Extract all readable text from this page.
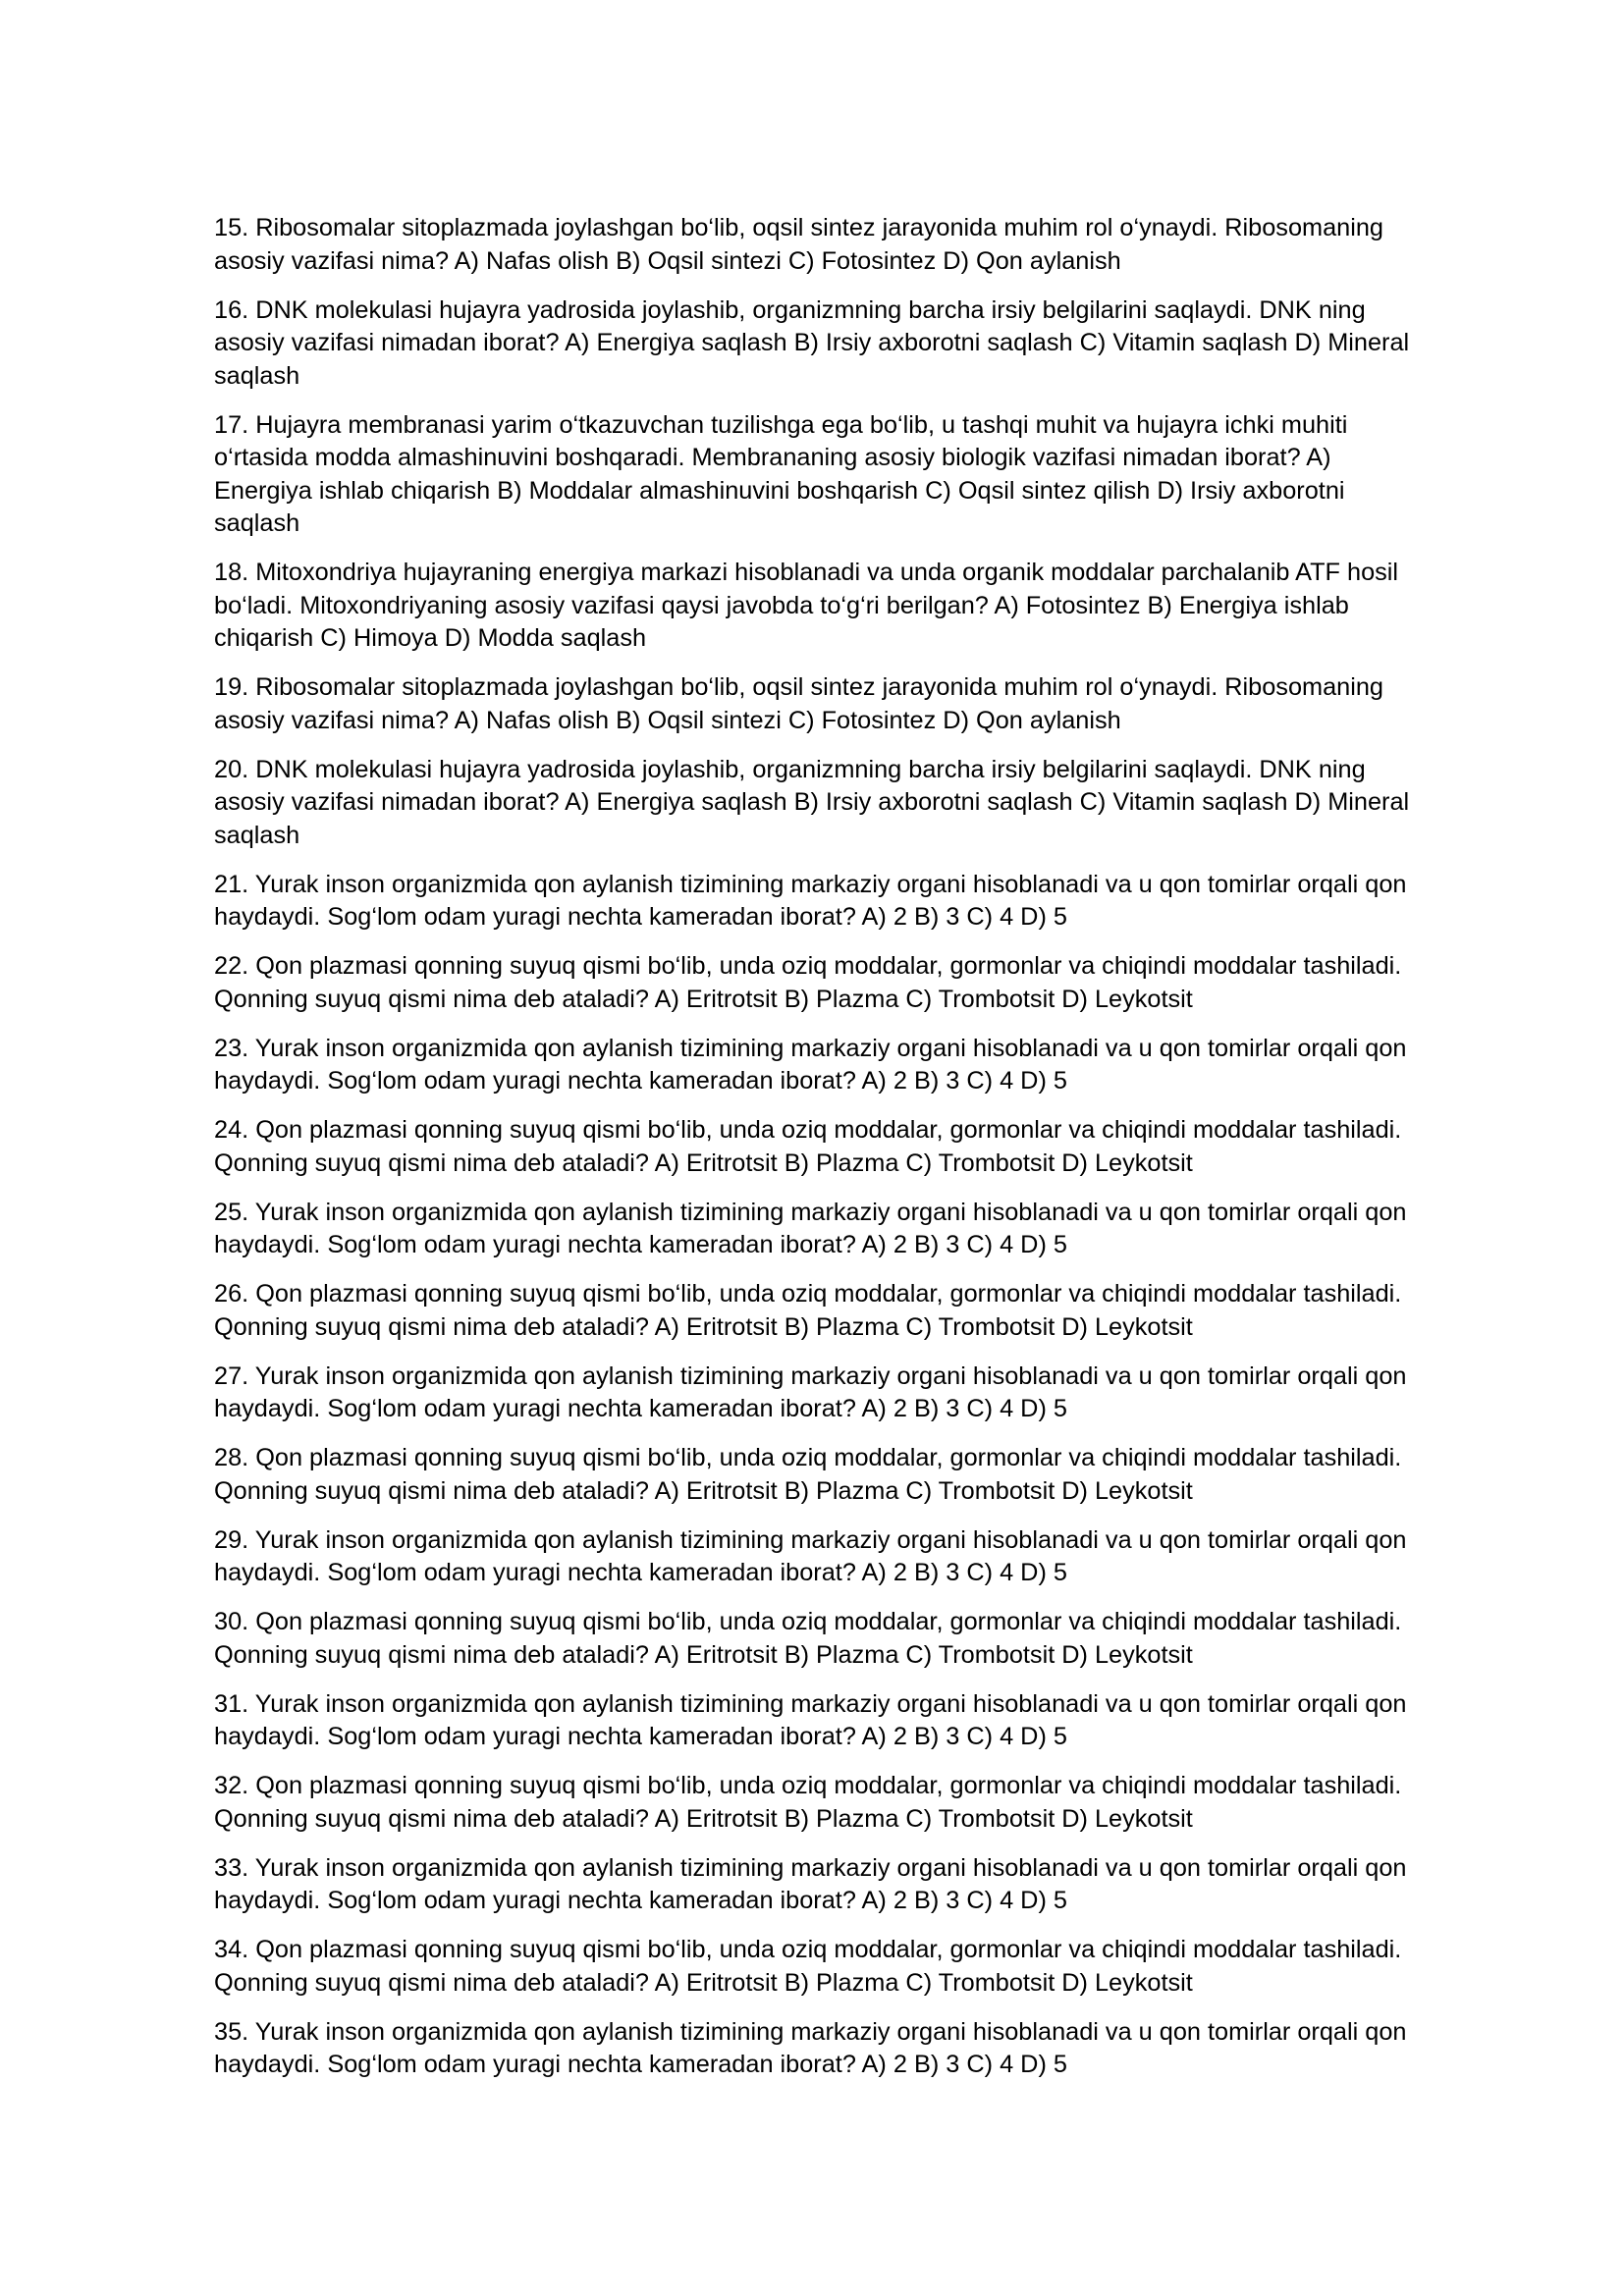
15. Ribosomalar sitoplazmada joylashgan bo‘lib, oqsil sintez jarayonida muhim rol o‘ynaydi. Ribosomaning asosiy vazifasi nima? A) Nafas olish B) Oqsil sintezi C) Fotosintez D) Qon aylanish

16. DNK molekulasi hujayra yadrosida joylashib, organizmning barcha irsiy belgilarini saqlaydi. DNK ning asosiy vazifasi nimadan iborat? A) Energiya saqlash B) Irsiy axborotni saqlash C) Vitamin saqlash D) Mineral saqlash

17. Hujayra membranasi yarim o‘tkazuvchan tuzilishga ega bo‘lib, u tashqi muhit va hujayra ichki muhiti o‘rtasida modda almashinuvini boshqaradi. Membrananing asosiy biologik vazifasi nimadan iborat? A) Energiya ishlab chiqarish B) Moddalar almashinuvini boshqarish C) Oqsil sintez qilish D) Irsiy axborotni saqlash

18. Mitoxondriya hujayraning energiya markazi hisoblanadi va unda organik moddalar parchalanib ATF hosil bo‘ladi. Mitoxondriyaning asosiy vazifasi qaysi javobda to‘g‘ri berilgan? A) Fotosintez B) Energiya ishlab chiqarish C) Himoya D) Modda saqlash

19. Ribosomalar sitoplazmada joylashgan bo‘lib, oqsil sintez jarayonida muhim rol o‘ynaydi. Ribosomaning asosiy vazifasi nima? A) Nafas olish B) Oqsil sintezi C) Fotosintez D) Qon aylanish

20. DNK molekulasi hujayra yadrosida joylashib, organizmning barcha irsiy belgilarini saqlaydi. DNK ning asosiy vazifasi nimadan iborat? A) Energiya saqlash B) Irsiy axborotni saqlash C) Vitamin saqlash D) Mineral saqlash

21. Yurak inson organizmida qon aylanish tizimining markaziy organi hisoblanadi va u qon tomirlar orqali qon haydaydi. Sog‘lom odam yuragi nechta kameradan iborat? A) 2 B) 3 C) 4 D) 5

22. Qon plazmasi qonning suyuq qismi bo‘lib, unda oziq moddalar, gormonlar va chiqindi moddalar tashiladi. Qonning suyuq qismi nima deb ataladi? A) Eritrotsit B) Plazma C) Trombotsit D) Leykotsit

23. Yurak inson organizmida qon aylanish tizimining markaziy organi hisoblanadi va u qon tomirlar orqali qon haydaydi. Sog‘lom odam yuragi nechta kameradan iborat? A) 2 B) 3 C) 4 D) 5

24. Qon plazmasi qonning suyuq qismi bo‘lib, unda oziq moddalar, gormonlar va chiqindi moddalar tashiladi. Qonning suyuq qismi nima deb ataladi? A) Eritrotsit B) Plazma C) Trombotsit D) Leykotsit

25. Yurak inson organizmida qon aylanish tizimining markaziy organi hisoblanadi va u qon tomirlar orqali qon haydaydi. Sog‘lom odam yuragi nechta kameradan iborat? A) 2 B) 3 C) 4 D) 5

26. Qon plazmasi qonning suyuq qismi bo‘lib, unda oziq moddalar, gormonlar va chiqindi moddalar tashiladi. Qonning suyuq qismi nima deb ataladi? A) Eritrotsit B) Plazma C) Trombotsit D) Leykotsit

27. Yurak inson organizmida qon aylanish tizimining markaziy organi hisoblanadi va u qon tomirlar orqali qon haydaydi. Sog‘lom odam yuragi nechta kameradan iborat? A) 2 B) 3 C) 4 D) 5

28. Qon plazmasi qonning suyuq qismi bo‘lib, unda oziq moddalar, gormonlar va chiqindi moddalar tashiladi. Qonning suyuq qismi nima deb ataladi? A) Eritrotsit B) Plazma C) Trombotsit D) Leykotsit

29. Yurak inson organizmida qon aylanish tizimining markaziy organi hisoblanadi va u qon tomirlar orqali qon haydaydi. Sog‘lom odam yuragi nechta kameradan iborat? A) 2 B) 3 C) 4 D) 5

30. Qon plazmasi qonning suyuq qismi bo‘lib, unda oziq moddalar, gormonlar va chiqindi moddalar tashiladi. Qonning suyuq qismi nima deb ataladi? A) Eritrotsit B) Plazma C) Trombotsit D) Leykotsit

31. Yurak inson organizmida qon aylanish tizimining markaziy organi hisoblanadi va u qon tomirlar orqali qon haydaydi. Sog‘lom odam yuragi nechta kameradan iborat? A) 2 B) 3 C) 4 D) 5

32. Qon plazmasi qonning suyuq qismi bo‘lib, unda oziq moddalar, gormonlar va chiqindi moddalar tashiladi. Qonning suyuq qismi nima deb ataladi? A) Eritrotsit B) Plazma C) Trombotsit D) Leykotsit

33. Yurak inson organizmida qon aylanish tizimining markaziy organi hisoblanadi va u qon tomirlar orqali qon haydaydi. Sog‘lom odam yuragi nechta kameradan iborat? A) 2 B) 3 C) 4 D) 5

34. Qon plazmasi qonning suyuq qismi bo‘lib, unda oziq moddalar, gormonlar va chiqindi moddalar tashiladi. Qonning suyuq qismi nima deb ataladi? A) Eritrotsit B) Plazma C) Trombotsit D) Leykotsit

35. Yurak inson organizmida qon aylanish tizimining markaziy organi hisoblanadi va u qon tomirlar orqali qon haydaydi. Sog‘lom odam yuragi nechta kameradan iborat? A) 2 B) 3 C) 4 D) 5
